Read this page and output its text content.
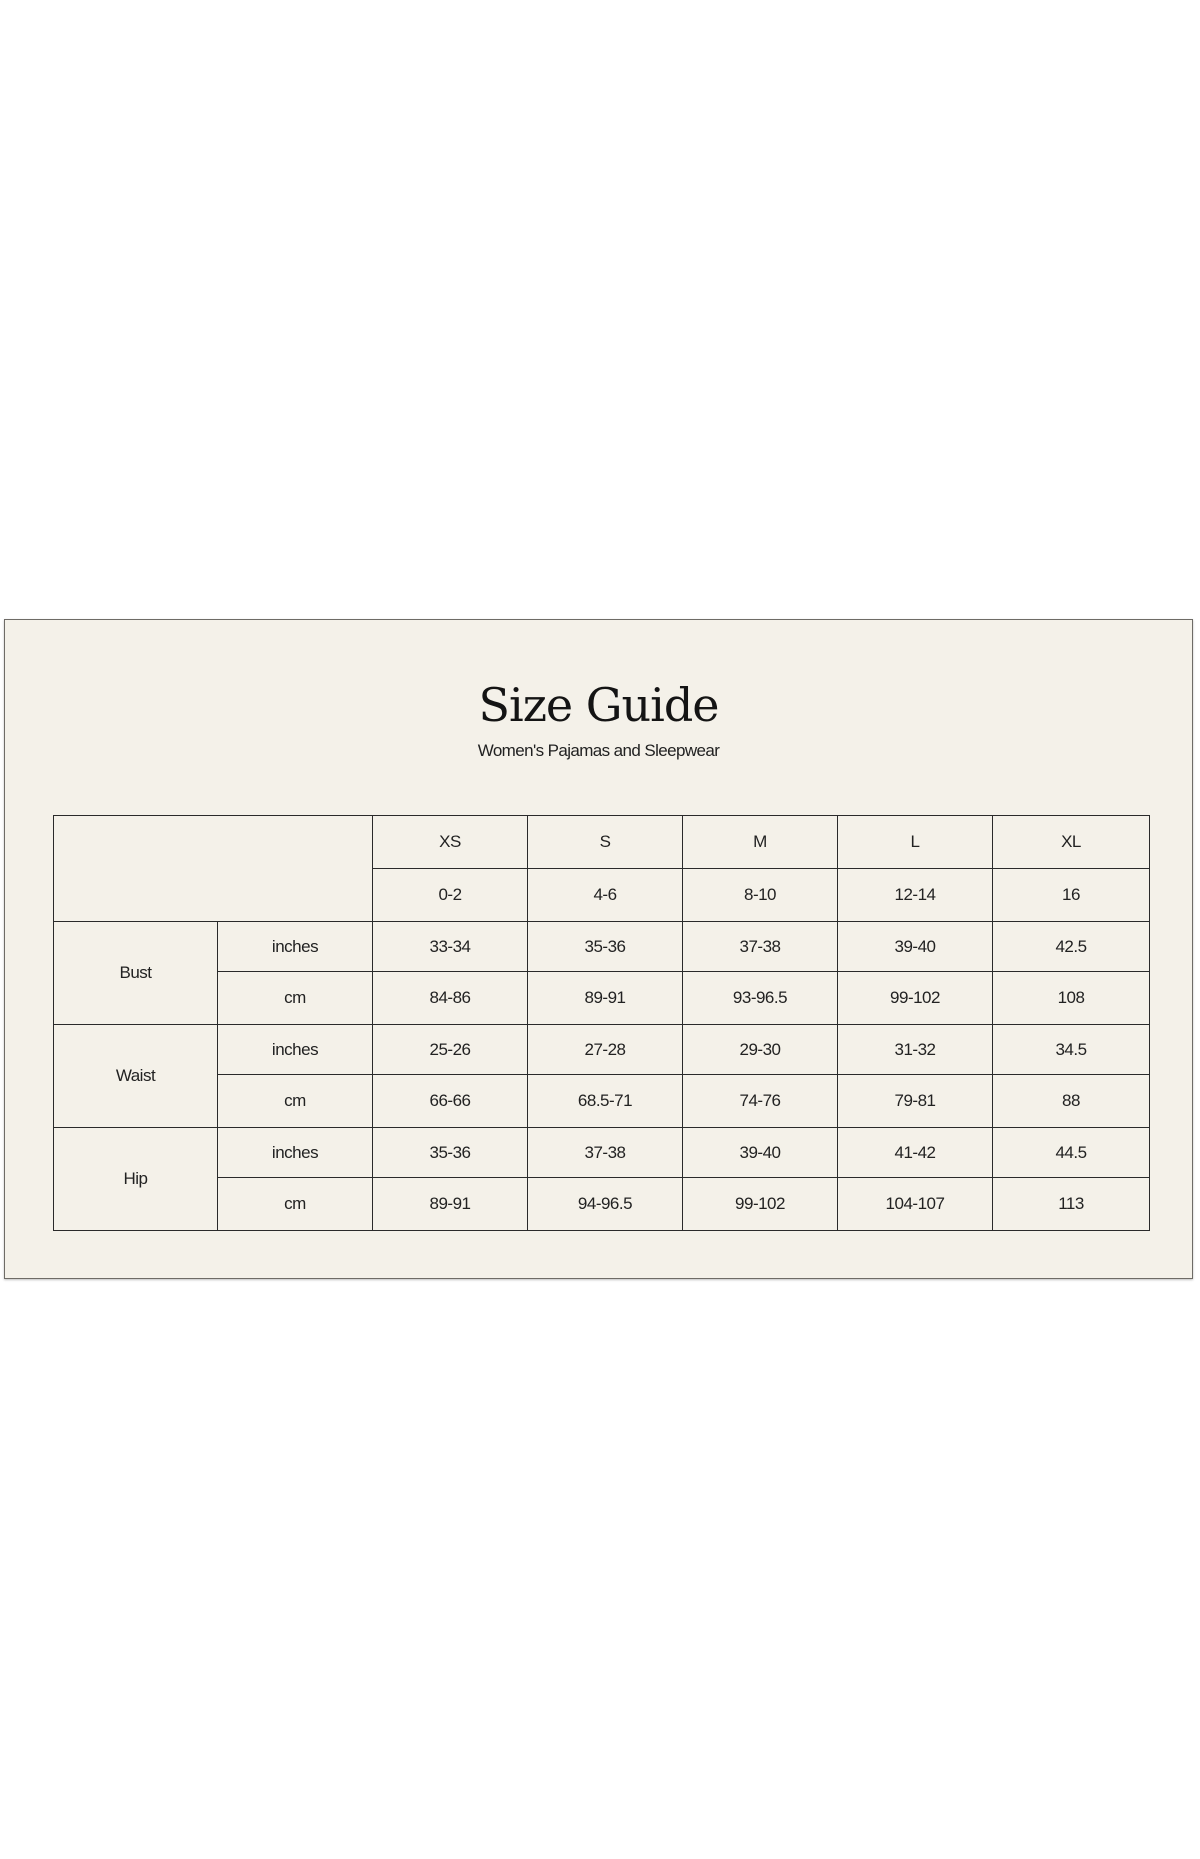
Size Guide

Women's Pajamas and Sleepwear

		XS	S	M	L	XL
		0-2	4-6	8-10	12-14	16
Bust	inches	33-34	35-36	37-38	39-40	42.5
	cm	84-86	89-91	93-96.5	99-102	108
Waist	inches	25-26	27-28	29-30	31-32	34.5
	cm	66-66	68.5-71	74-76	79-81	88
Hip	inches	35-36	37-38	39-40	41-42	44.5
	cm	89-91	94-96.5	99-102	104-107	113
